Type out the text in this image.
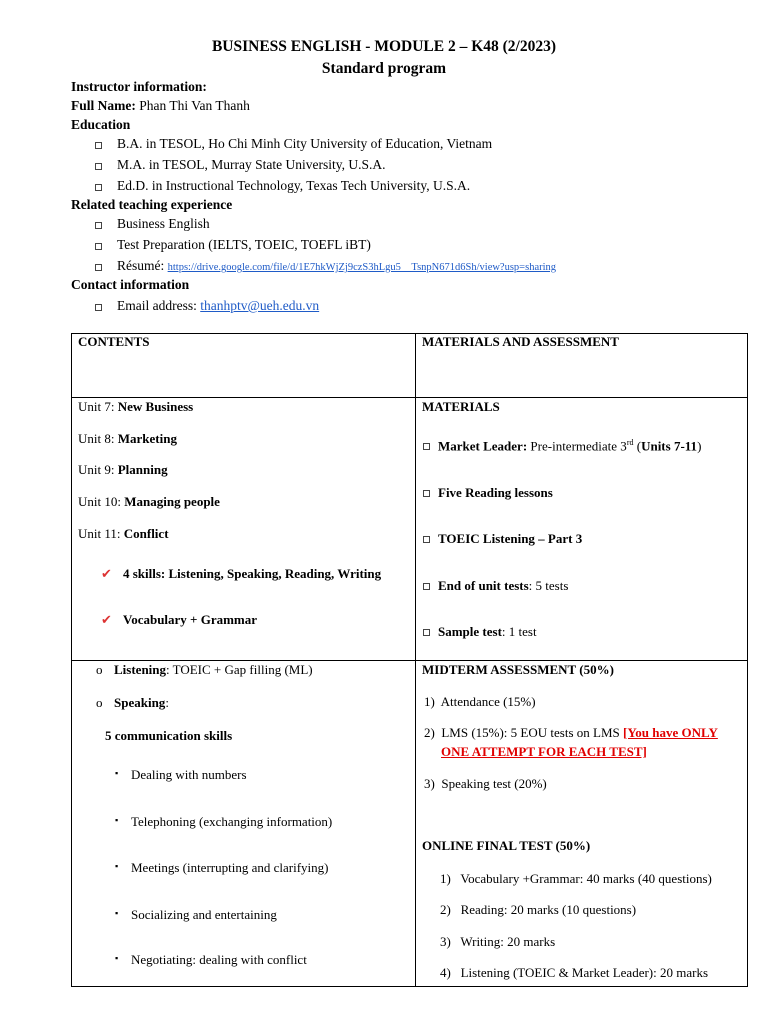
BUSINESS ENGLISH - MODULE 2 – K48 (2/2023)
Standard program
Instructor information:
Full Name: Phan Thi Van Thanh
Education
B.A. in TESOL, Ho Chi Minh City University of Education, Vietnam
M.A. in TESOL, Murray State University, U.S.A.
Ed.D. in Instructional Technology, Texas Tech University, U.S.A.
Related teaching experience
Business English
Test Preparation (IELTS, TOEIC, TOEFL iBT)
Résumé: https://drive.google.com/file/d/1E7hkWjZj9czS3hLgu5__TsnpN671d6Sh/view?usp=sharing
Contact information
Email address: thanhptv@ueh.edu.vn
CONTENTS	MATERIALS AND ASSESSMENT
Unit 7: New Business
Unit 8: Marketing
Unit 9: Planning
Unit 10: Managing people
Unit 11: Conflict
✔ 4 skills: Listening, Speaking, Reading, Writing
✔ Vocabulary + Grammar
MATERIALS
Market Leader: Pre-intermediate 3rd (Units 7-11)
Five Reading lessons
TOEIC Listening – Part 3
End of unit tests: 5 tests
Sample test: 1 test
o Listening: TOEIC + Gap filling (ML)
o Speaking:
5 communication skills
▪ Dealing with numbers
▪ Telephoning (exchanging information)
▪ Meetings (interrupting and clarifying)
▪ Socializing and entertaining
▪ Negotiating: dealing with conflict
MIDTERM ASSESSMENT (50%)
1) Attendance (15%)
2) LMS (15%): 5 EOU tests on LMS [You have ONLY
ONE ATTEMPT FOR EACH TEST]
3) Speaking test (20%)
ONLINE FINAL TEST (50%)
1) Vocabulary +Grammar: 40 marks (40 questions)
2) Reading: 20 marks (10 questions)
3) Writing: 20 marks
4) Listening (TOEIC & Market Leader): 20 marks
